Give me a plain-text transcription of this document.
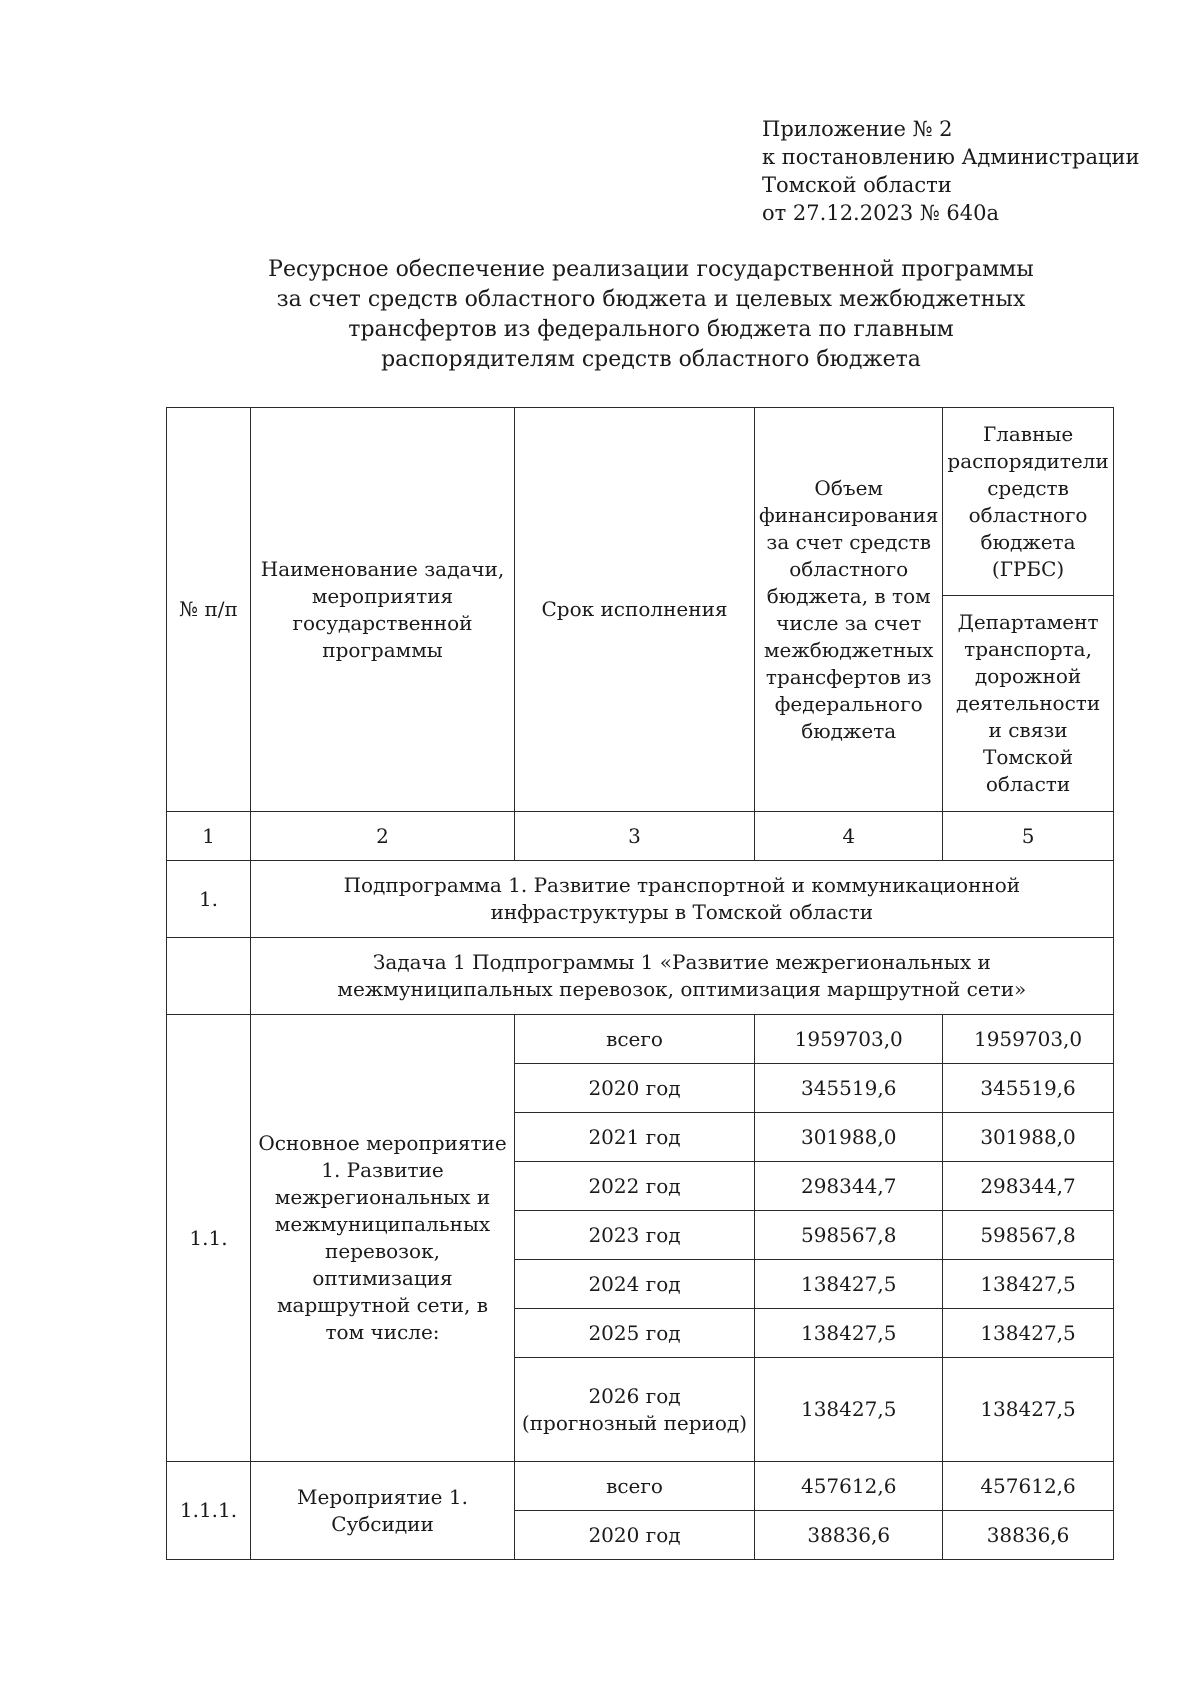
Приложение № 2
к постановлению Администрации
Томской области
от 27.12.2023 № 640а
Ресурсное обеспечение реализации государственной программы
за счет средств областного бюджета и целевых межбюджетных
трансфертов из федерального бюджета по главным
распорядителям средств областного бюджета
№ п/п	Наименование задачи, мероприятия государственной программы	Срок исполнения	Объем финансирования за счет средств областного бюджета, в том числе за счет межбюджетных трансфертов из федерального бюджета	Главные распорядители средств областного бюджета (ГРБС)
				Департамент транспорта, дорожной деятельности и связи Томской области
1	2	3	4	5
1.	Подпрограмма 1. Развитие транспортной и коммуникационной инфраструктуры в Томской области			
	Задача 1 Подпрограммы 1 «Развитие межрегиональных и межмуниципальных перевозок, оптимизация маршрутной сети»			
1.1.	Основное мероприятие 1. Развитие межрегиональных и межмуниципальных перевозок, оптимизация маршрутной сети, в том числе:	всего	1959703,0	1959703,0
		2020 год	345519,6	345519,6
		2021 год	301988,0	301988,0
		2022 год	298344,7	298344,7
		2023 год	598567,8	598567,8
		2024 год	138427,5	138427,5
		2025 год	138427,5	138427,5
		2026 год (прогнозный период)	138427,5	138427,5
1.1.1.	Мероприятие 1. Субсидии	всего	457612,6	457612,6
		2020 год	38836,6	38836,6
